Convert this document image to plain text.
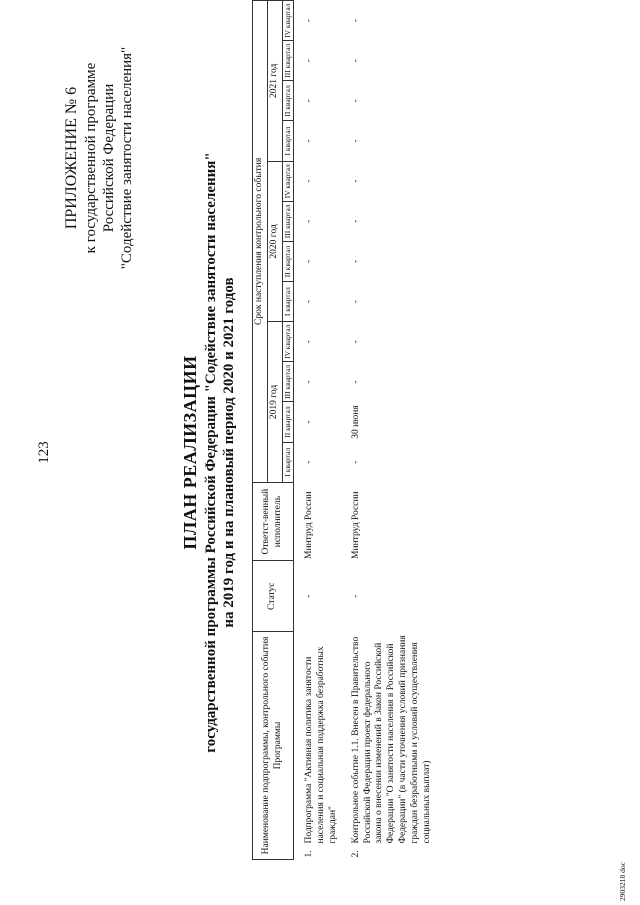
123
ПРИЛОЖЕНИЕ № 6 к государственной программе Российской Федерации "Содействие занятости населения"
ПЛАН РЕАЛИЗАЦИИ государственной программы Российской Федерации "Содействие занятости населения" на 2019 год и на плановый период 2020 и 2021 годов
Наименование подпрограммы, контрольного события Программы	Статус	Ответст-венный исполнитель	Срок наступления контрольного события											
			2019 год				2020 год				2021 год			
			I квартал	II квартал	III квартал	IV квартал	I квартал	II квартал	III квартал	IV квартал	I квартал	II квартал	III квартал	IV квартал

1.
Подпрограмма "Активная политика занятости населения и социальная поддержка безработных граждан"	-	Минтруд России	-	-	-	-	-	-	-	-	-	-	-	-

2.
Контрольное событие 1.1. Внесен в Правительство Российской Федерации проект федерального закона о внесении изменений в Закон Российской Федерации "О занятости населения в Российской Федерации" (в части уточнения условий признания граждан безработными и условий осуществления социальных выплат)	-	Минтруд России	-	30 июня	-	-	-	-	-	-	-	-	-	-
2903218 doc
